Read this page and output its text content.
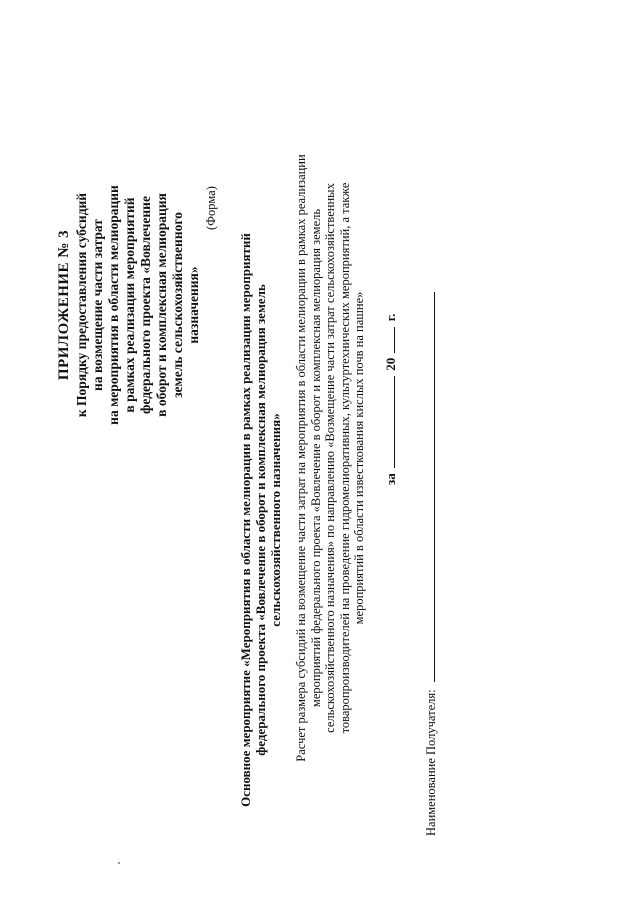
ПРИЛОЖЕНИЕ № 3 к Порядку предоставления субсидий на возмещение части затрат на мероприятия в области мелиорации в рамках реализации мероприятий федерального проекта «Вовлечение в оборот и комплексная мелиорация земель сельскохозяйственного назначения»
(Форма)
Основное мероприятие «Мероприятия в области мелиорации в рамках реализации мероприятий федерального проекта «Вовлечение в оборот и комплексная мелиорация земель сельскохозяйственного назначения» Расчет размера субсидий на возмещение части затрат на мероприятия в области мелиорации в рамках реализации мероприятий федерального проекта «Вовлечение в оборот и комплексная мелиорация земель сельскохозяйственного назначения» по направлению «Возмещение части затрат сельскохозяйственных товаропроизводителей на проведение гидромелиоративных, культуртехнических мероприятий, а также мероприятий в области известкования кислых почв на пашне» за  20  г.
Наименование Получателя:
